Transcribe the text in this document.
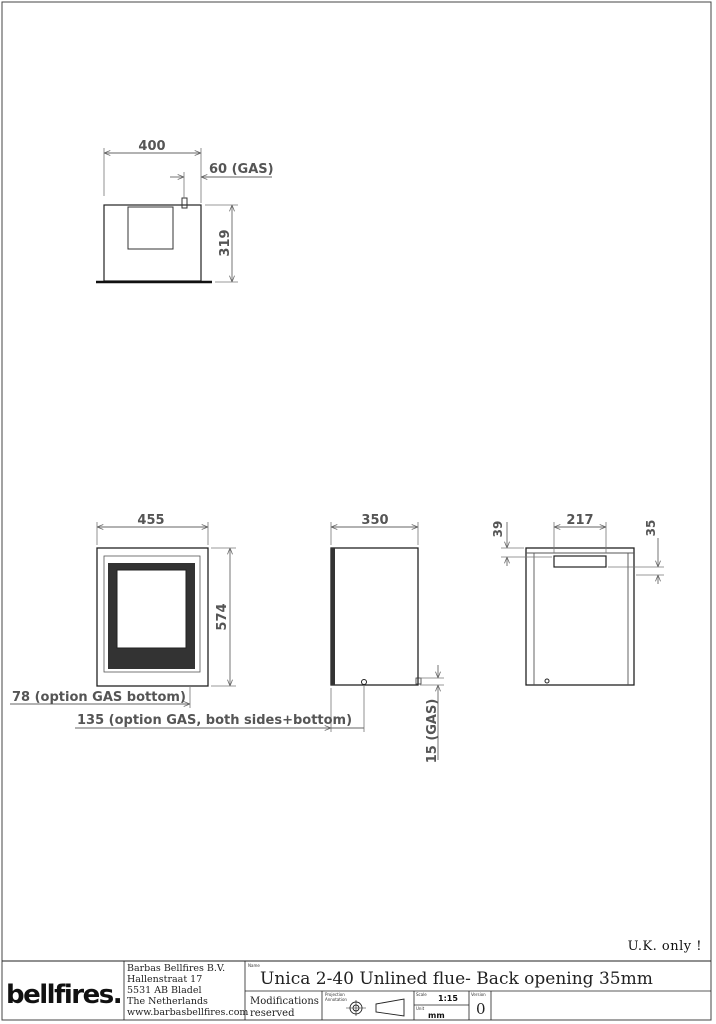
400
60 (GAS)
319
455
574
78 (option GAS bottom)
350
135 (option GAS, both sides+bottom)	15 (GAS)
217
39	35
U.K. only !
bellfires.
Barbas Bellfires B.V.
Hallenstraat 17
5531 AB Bladel
The Netherlands
www.barbasbellfires.com
Name
Unica 2-40 Unlined flue- Back opening 35mm
Modifications
reserved
Projection
Annotation
Scale 1:15
Unit
mm
Version
0
